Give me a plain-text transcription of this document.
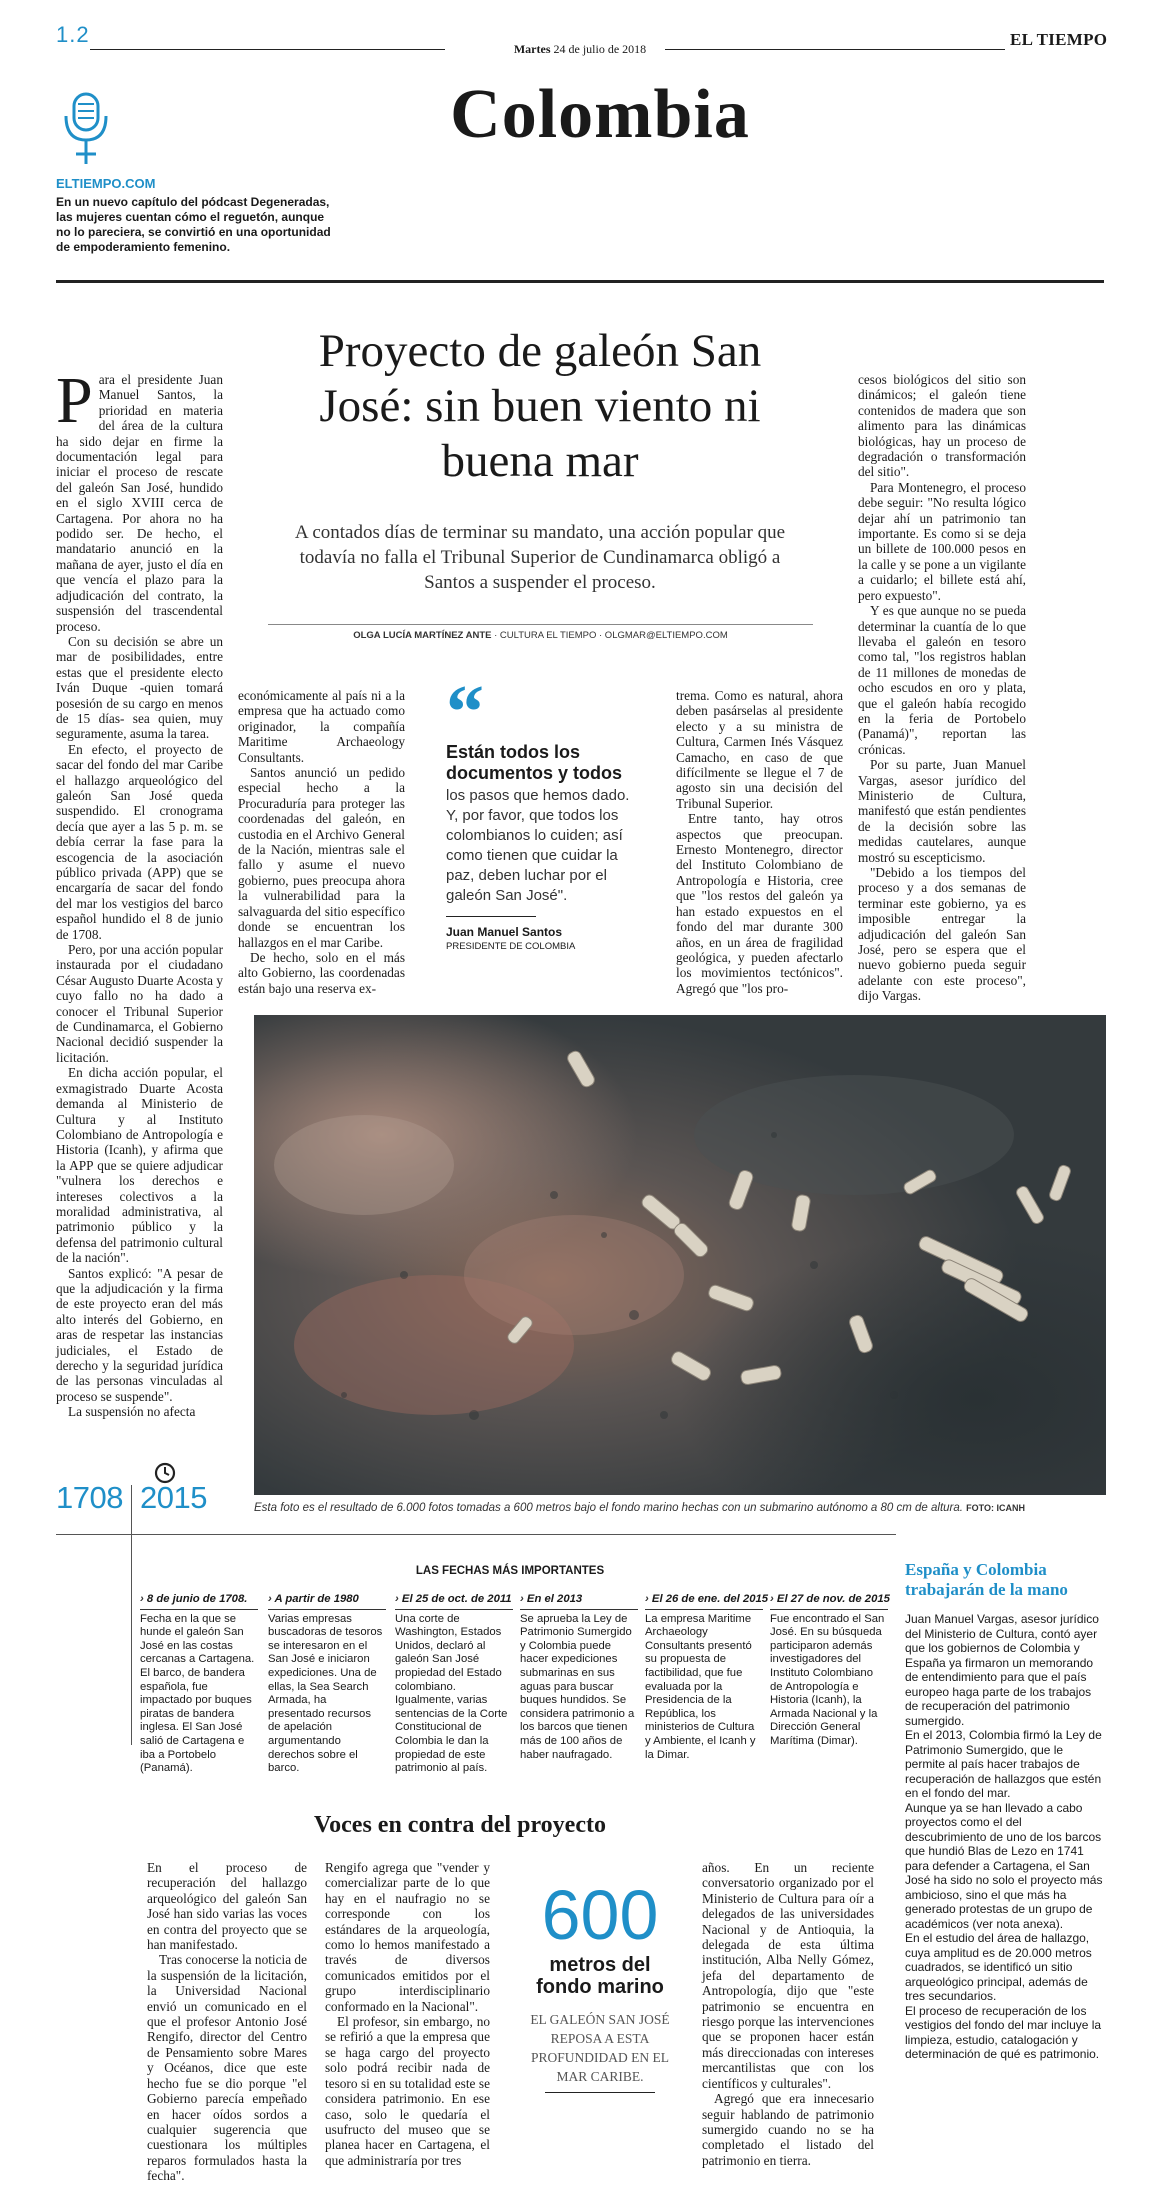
1.2
Martes 24 de julio de 2018	EL TIEMPO
Colombia
ELTIEMPO.COM
En un nuevo capítulo del pódcast Degeneradas, las mujeres cuentan cómo el reguetón, aunque no lo pareciera, se convirtió en una oportunidad de empoderamiento femenino.
Proyecto de galeón San José: sin buen viento ni buena mar
A contados días de terminar su mandato, una acción popular que todavía no falla el Tribunal Superior de Cundinamarca obligó a Santos a suspender el proceso.
OLGA LUCÍA MARTÍNEZ ANTE · CULTURA EL TIEMPO · OLGMAR@ELTIEMPO.COM
P ara el presidente Juan Manuel Santos, la prioridad en materia del área de la cultura ha sido dejar en firme la documentación legal para iniciar el proceso de rescate del galeón San José, hundido en el siglo XVIII cerca de Cartagena. Por ahora no ha podido ser. De hecho, el mandatario anunció en la mañana de ayer, justo el día en que vencía el plazo para la adjudicación del contrato, la suspensión del trascendental proceso.

Con su decisión se abre un mar de posibilidades, entre estas que el presidente electo Iván Duque -quien tomará posesión de su cargo en menos de 15 días- sea quien, muy seguramente, asuma la tarea.

En efecto, el proyecto de sacar del fondo del mar Caribe el hallazgo arqueológico del galeón San José queda suspendido. El cronograma decía que ayer a las 5 p. m. se debía cerrar la fase para la escogencia de la asociación público privada (APP) que se encargaría de sacar del fondo del mar los vestigios del barco español hundido el 8 de junio de 1708.

Pero, por una acción popular instaurada por el ciudadano César Augusto Duarte Acosta y cuyo fallo no ha dado a conocer el Tribunal Superior de Cundinamarca, el Gobierno Nacional decidió suspender la licitación.

En dicha acción popular, el exmagistrado Duarte Acosta demanda al Ministerio de Cultura y al Instituto Colombiano de Antropología e Historia (Icanh), y afirma que la APP que se quiere adjudicar "vulnera los derechos e intereses colectivos a la moralidad administrativa, al patrimonio público y la defensa del patrimonio cultural de la nación".

Santos explicó: "A pesar de que la adjudicación y la firma de este proyecto eran del más alto interés del Gobierno, en aras de respetar las instancias judiciales, el Estado de derecho y la seguridad jurídica de las personas vinculadas al proceso se suspende".

La suspensión no afecta

económicamente al país ni a la empresa que ha actuado como originador, la compañía Maritime Archaeology Consultants.

Santos anunció un pedido especial hecho a la Procuraduría para proteger las coordenadas del galeón, en custodia en el Archivo General de la Nación, mientras sale el fallo y asume el nuevo gobierno, pues preocupa ahora la vulnerabilidad para la salvaguarda del sitio específico donde se encuentran los hallazgos en el mar Caribe.

De hecho, solo en el más alto Gobierno, las coordenadas están bajo una reserva ex-

“
Están todos los documentos y todos
los pasos que hemos dado. Y, por favor, que todos los colombianos lo cuiden; así como tienen que cuidar la paz, deben luchar por el galeón San José".
Juan Manuel Santos
PRESIDENTE DE COLOMBIA

trema. Como es natural, ahora deben pasárselas al presidente electo y a su ministra de Cultura, Carmen Inés Vásquez Camacho, en caso de que difícilmente se llegue el 7 de agosto sin una decisión del Tribunal Superior.

Entre tanto, hay otros aspectos que preocupan. Ernesto Montenegro, director del Instituto Colombiano de Antropología e Historia, cree que "los restos del galeón ya han estado expuestos en el fondo del mar durante 300 años, en un área de fragilidad geológica, y pueden afectarlo los movimientos tectónicos". Agregó que "los pro-

cesos biológicos del sitio son dinámicos; el galeón tiene contenidos de madera que son alimento para las dinámicas biológicas, hay un proceso de degradación o transformación del sitio".

Para Montenegro, el proceso debe seguir: "No resulta lógico dejar ahí un patrimonio tan importante. Es como si se deja un billete de 100.000 pesos en la calle y se pone a un vigilante a cuidarlo; el billete está ahí, pero expuesto".

Y es que aunque no se pueda determinar la cuantía de lo que llevaba el galeón en tesoro como tal, "los registros hablan de 11 millones de monedas de ocho escudos en oro y plata, que el galeón había recogido en la feria de Portobelo (Panamá)", reportan las crónicas.

Por su parte, Juan Manuel Vargas, asesor jurídico del Ministerio de Cultura, manifestó que están pendientes de la decisión sobre las medidas cautelares, aunque mostró su escepticismo.

"Debido a los tiempos del proceso y a dos semanas de terminar este gobierno, ya es imposible entregar la adjudicación del galeón San José, pero se espera que el nuevo gobierno pueda seguir adelante con este proceso", dijo Vargas.

Esta foto es el resultado de 6.000 fotos tomadas a 600 metros bajo el fondo marino hechas con un submarino autónomo a 80 cm de altura. FOTO: ICANH
1708 2015
LAS FECHAS MÁS IMPORTANTES
› 8 de junio de 1708.
Fecha en la que se hunde el galeón San José en las costas cercanas a Cartagena. El barco, de bandera española, fue impactado por buques piratas de bandera inglesa. El San José salió de Cartagena e iba a Portobelo (Panamá).
› A partir de 1980
Varias empresas buscadoras de tesoros se interesaron en el San José e iniciaron expediciones. Una de ellas, la Sea Search Armada, ha presentado recursos de apelación argumentando derechos sobre el barco.
› El 25 de oct. de 2011
Una corte de Washington, Estados Unidos, declaró al galeón San José propiedad del Estado colombiano. Igualmente, varias sentencias de la Corte Constitucional de Colombia le dan la propiedad de este patrimonio al país.
› En el 2013
Se aprueba la Ley de Patrimonio Sumergido y Colombia puede hacer expediciones submarinas en sus aguas para buscar buques hundidos. Se considera patrimonio a los barcos que tienen más de 100 años de haber naufragado.
› El 26 de ene. del 2015
La empresa Maritime Archaeology Consultants presentó su propuesta de factibilidad, que fue evaluada por la Presidencia de la República, los ministerios de Cultura y Ambiente, el Icanh y la Dimar.
› El 27 de nov. de 2015
Fue encontrado el San José. En su búsqueda participaron además investigadores del Instituto Colombiano de Antropología e Historia (Icanh), la Armada Nacional y la Dirección General Marítima (Dimar).
España y Colombia trabajarán de la mano

Juan Manuel Vargas, asesor jurídico del Ministerio de Cultura, contó ayer que los gobiernos de Colombia y España ya firmaron un memorando de entendimiento para que el país europeo haga parte de los trabajos de recuperación del patrimonio sumergido.

En el 2013, Colombia firmó la Ley de Patrimonio Sumergido, que le permite al país hacer trabajos de recuperación de hallazgos que estén en el fondo del mar.

Aunque ya se han llevado a cabo proyectos como el del descubrimiento de uno de los barcos que hundió Blas de Lezo en 1741 para defender a Cartagena, el San José ha sido no solo el proyecto más ambicioso, sino el que más ha generado protestas de un grupo de académicos (ver nota anexa).

En el estudio del área de hallazgo, cuya amplitud es de 20.000 metros cuadrados, se identificó un sitio arqueológico principal, además de tres secundarios.

El proceso de recuperación de los vestigios del fondo del mar incluye la limpieza, estudio, catalogación y determinación de qué es patrimonio.

Voces en contra del proyecto

En el proceso de recuperación del hallazgo arqueológico del galeón San José han sido varias las voces en contra del proyecto que se han manifestado.

Tras conocerse la noticia de la suspensión de la licitación, la Universidad Nacional envió un comunicado en el que el profesor Antonio José Rengifo, director del Centro de Pensamiento sobre Mares y Océanos, dice que este hecho fue se dio porque "el Gobierno parecía empeñado en hacer oídos sordos a cualquier sugerencia que cuestionara los múltiples reparos formulados hasta la fecha".

Rengifo agrega que "vender y comercializar parte de lo que hay en el naufragio no se corresponde con los estándares de la arqueología, como lo hemos manifestado a través de diversos comunicados emitidos por el grupo interdisciplinario conformado en la Nacional".

El profesor, sin embargo, no se refirió a que la empresa que se haga cargo del proyecto solo podrá recibir nada de tesoro si en su totalidad este se considera patrimonio. En ese caso, solo le quedaría el usufructo del museo que se planea hacer en Cartagena, el que administraría por tres

600
metros del fondo marino
EL GALEÓN SAN JOSÉ REPOSA A ESTA PROFUNDIDAD EN EL MAR CARIBE.

años. En un reciente conversatorio organizado por el Ministerio de Cultura para oír a delegados de las universidades Nacional y de Antioquia, la delegada de esta última institución, Alba Nelly Gómez, jefa del departamento de Antropología, dijo que "este patrimonio se encuentra en riesgo porque las intervenciones que se proponen hacer están más direccionadas con intereses mercantilistas que con los científicos y culturales".

Agregó que era innecesario seguir hablando de patrimonio sumergido cuando no se ha completado el listado del patrimonio en tierra.
